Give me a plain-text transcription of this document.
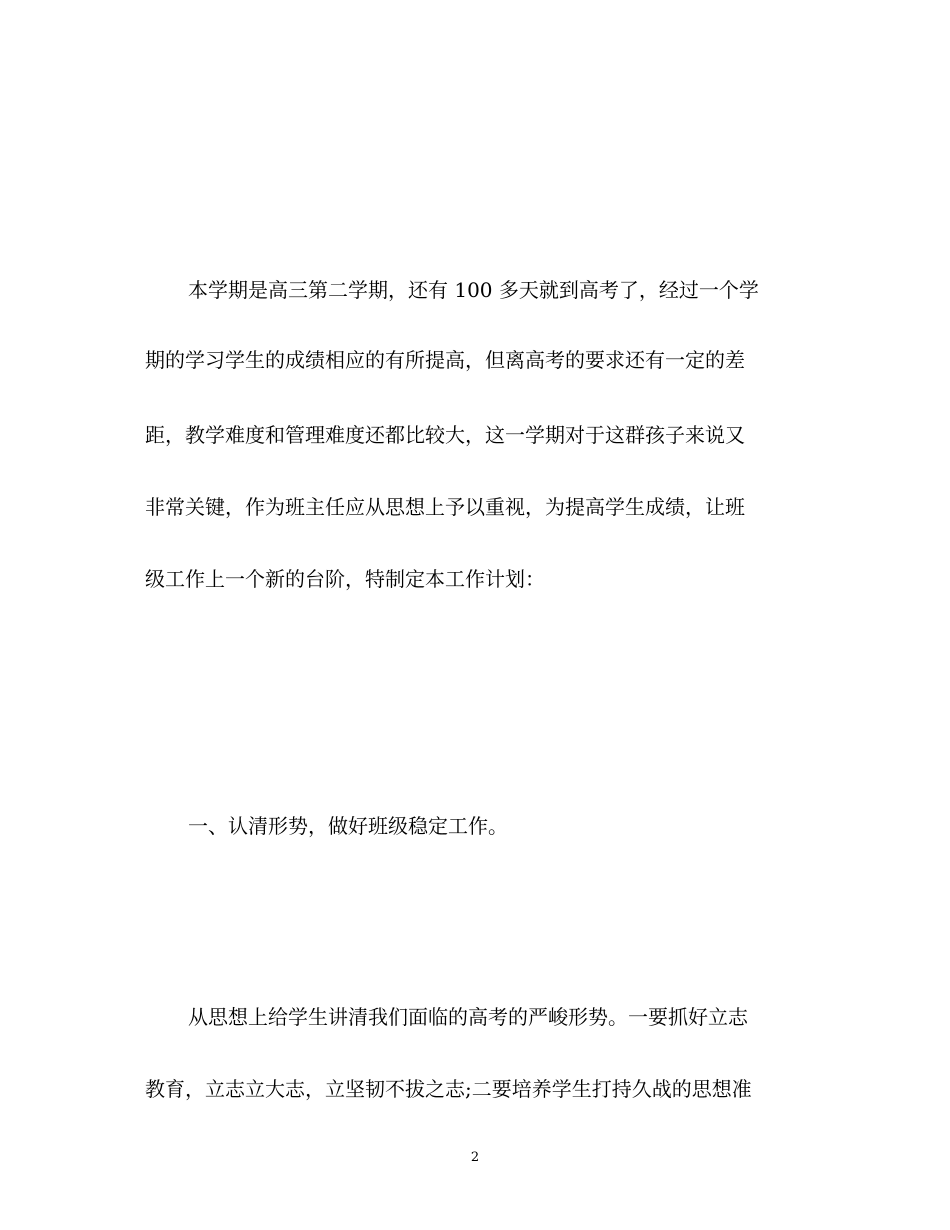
本学期是高三第二学期，还有 100 多天就到高考了，经过一个学
期的学习学生的成绩相应的有所提高，但离高考的要求还有一定的差
距，教学难度和管理难度还都比较大，这一学期对于这群孩子来说又
非常关键，作为班主任应从思想上予以重视，为提高学生成绩，让班
级工作上一个新的台阶，特制定本工作计划：
一、认清形势，做好班级稳定工作。
从思想上给学生讲清我们面临的高考的严峻形势。一要抓好立志
教育，立志立大志，立坚韧不拔之志;二要培养学生打持久战的思想准
2
